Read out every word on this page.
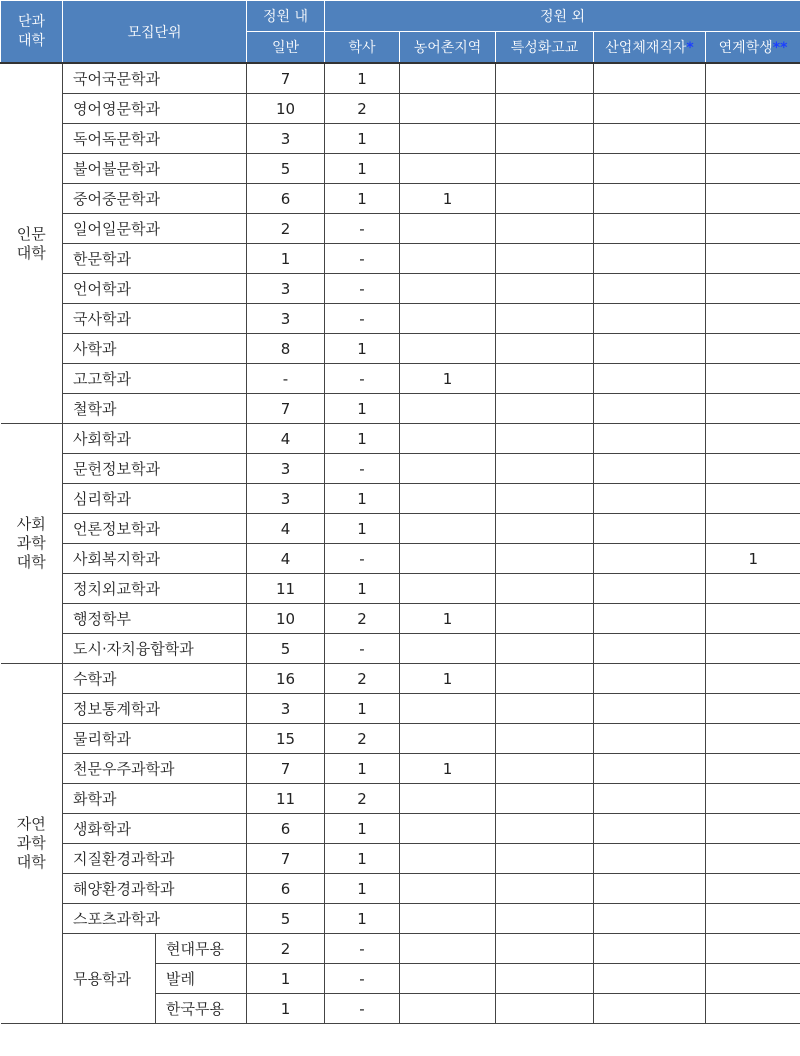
단과
대학	모집단위		정원 내	정원 외				
			일반	학사	농어촌지역	특성화고교	산업체재직자*	연계학생**
인문
대학	국어국문학과		7	1				
	영어영문학과		10	2				
	독어독문학과		3	1				
	불어불문학과		5	1				
	중어중문학과		6	1	1			
	일어일문학과		2	-				
	한문학과		1	-				
	언어학과		3	-				
	국사학과		3	-				
	사학과		8	1				
	고고학과		-	-	1			
	철학과		7	1				
사회
과학
대학	사회학과		4	1				
	문헌정보학과		3	-				
	심리학과		3	1				
	언론정보학과		4	1				
	사회복지학과		4	-				1
	정치외교학과		11	1				
	행정학부		10	2	1			
	도시·자치융합학과		5	-				
자연
과학
대학	수학과		16	2	1			
	정보통계학과		3	1				
	물리학과		15	2				
	천문우주과학과		7	1	1			
	화학과		11	2				
	생화학과		6	1				
	지질환경과학과		7	1				
	해양환경과학과		6	1				
	스포츠과학과		5	1				
	무용학과	현대무용	2	-				
		발레	1	-				
		한국무용	1	-				
